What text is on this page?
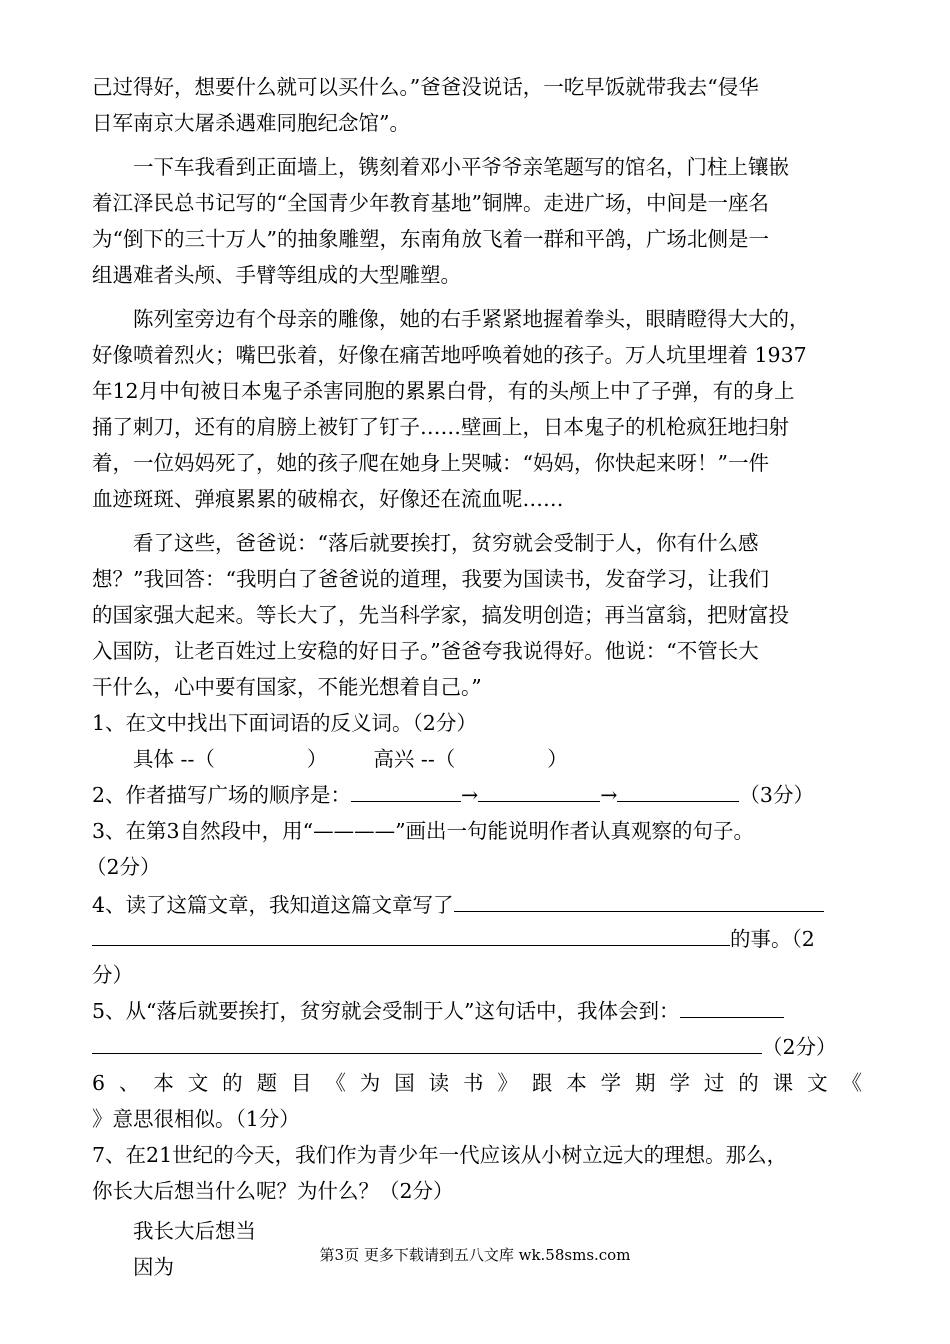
己过得好，想要什么就可以买什么。”爸爸没说话，一吃早饭就带我去“侵华
日军南京大屠杀遇难同胞纪念馆”。
一下车我看到正面墙上，镌刻着邓小平爷爷亲笔题写的馆名，门柱上镶嵌
着江泽民总书记写的“全国青少年教育基地”铜牌。走进广场，中间是一座名
为“倒下的三十万人”的抽象雕塑，东南角放飞着一群和平鸽，广场北侧是一
组遇难者头颅、手臂等组成的大型雕塑。
陈列室旁边有个母亲的雕像，她的右手紧紧地握着拳头，眼睛瞪得大大的，
好像喷着烈火；嘴巴张着，好像在痛苦地呼唤着她的孩子。万人坑里埋着 1937
年12月中旬被日本鬼子杀害同胞的累累白骨，有的头颅上中了子弹，有的身上
捅了刺刀，还有的肩膀上被钉了钉子……壁画上，日本鬼子的机枪疯狂地扫射
着，一位妈妈死了，她的孩子爬在她身上哭喊：“妈妈，你快起来呀！”一件
血迹斑斑、弹痕累累的破棉衣，好像还在流血呢……
看了这些，爸爸说：“落后就要挨打，贫穷就会受制于人，你有什么感
想？”我回答：“我明白了爸爸说的道理，我要为国读书，发奋学习，让我们
的国家强大起来。等长大了，先当科学家，搞发明创造；再当富翁，把财富投
入国防，让老百姓过上安稳的好日子。”爸爸夸我说得好。他说：“不管长大
干什么，心中要有国家，不能光想着自己。”
1、在文中找出下面词语的反义词。（2分）
具体 --（	） 高兴 --（	）
2、作者描写广场的顺序是：	→	→	（3分）
3、在第3自然段中，用“————”画出一句能说明作者认真观察的句子。
（2分）
4、读了这篇文章，我知道这篇文章写了
的事。（2
分）
5、从“落后就要挨打，贫穷就会受制于人”这句话中，我体会到：
（2分）
6 、 本 文 的 题 目 《 为 国 读 书 》 跟 本 学 期 学 过 的 课 文 《
》意思很相似。（1分）
7、在21世纪的今天，我们作为青少年一代应该从小树立远大的理想。那么，
你长大后想当什么呢？为什么？（2分）
我长大后想当
因为	第3页 更多下载请到五八文库 wk.58sms.com
